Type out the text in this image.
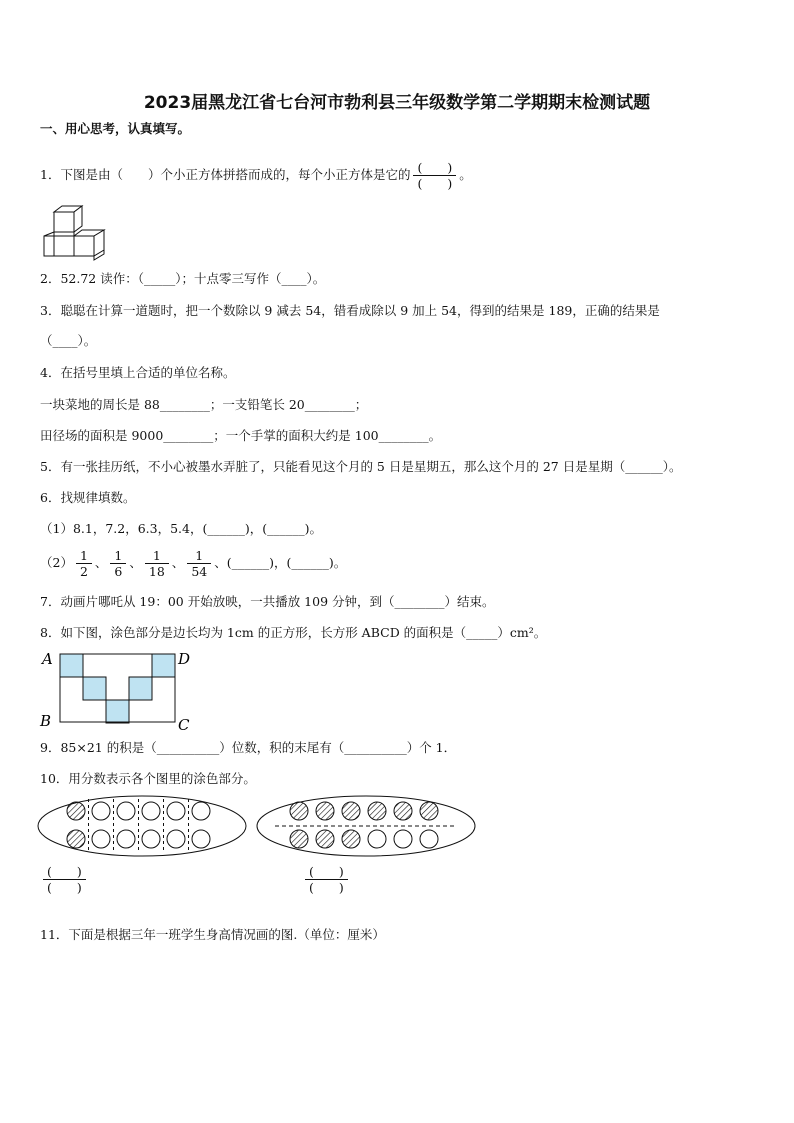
2023届黑龙江省七台河市勃利县三年级数学第二学期期末检测试题
一、用心思考，认真填写。
1．下图是由（　　）个小正方体拼搭而成的，每个小正方体是它的 $\frac{( )}{( )}$ 。
2．52.72 读作：（_____）；十点零三写作（____）。
3．聪聪在计算一道题时，把一个数除以 9 减去 54，错看成除以 9 加上 54，得到的结果是 189，正确的结果是
（____）。
4．在括号里填上合适的单位名称。
一块菜地的周长是 88________；一支铅笔长 20________；
田径场的面积是 9000________；一个手掌的面积大约是 100________。
5．有一张挂历纸，不小心被墨水弄脏了，只能看见这个月的 5 日是星期五，那么这个月的 27 日是星期（______）。
6．找规律填数。
（1）8.1，7.2，6.3，5.4，(______)，(______)。
$(2) \frac{1}{2}$ 、 $\frac{1}{6}$ 、 $\frac{1}{18}$ 、 $\frac{1}{54}$ 、(______)，(______)。
7．动画片哪吒从 19：00 开始放映，一共播放 109 分钟，到（________）结束。
8．如下图，涂色部分是边长均为 1cm 的正方形，长方形 ABCD 的面积是（_____）cm²。
A	D
B	C
9．85×21 的积是（__________）位数，积的末尾有（__________）个 1．
10．用分数表示各个图里的涂色部分。
$\frac{( )}{( )}$	$\frac{( )}{( )}$
11．下面是根据三年一班学生身高情况画的图.（单位：厘米）
